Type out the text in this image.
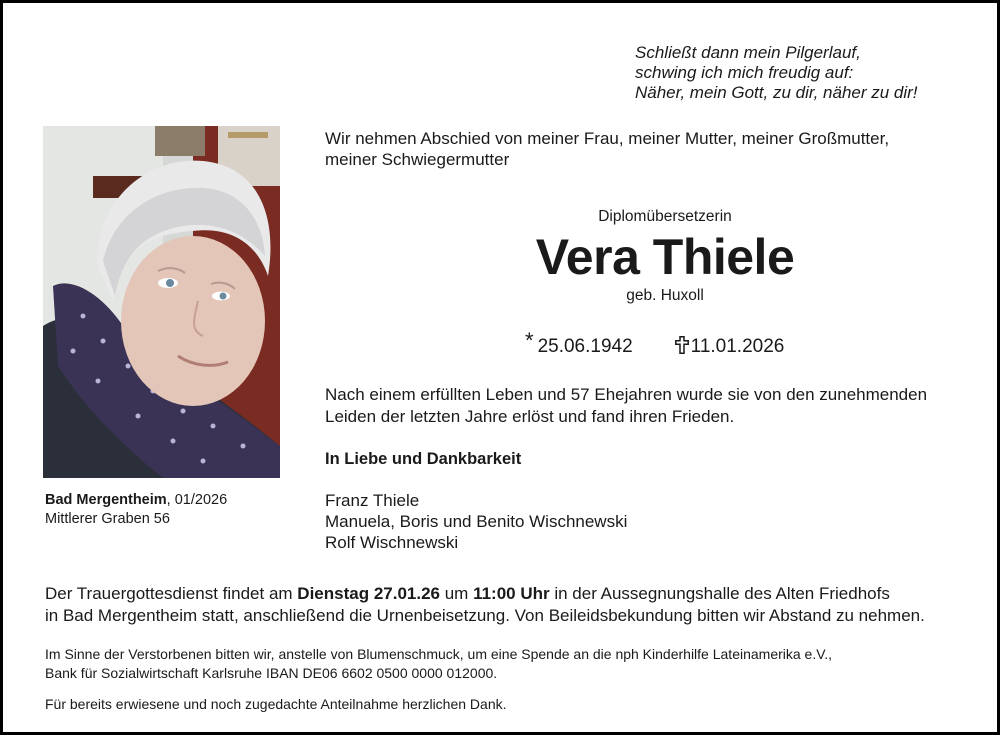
Schließt dann mein Pilgerlauf,
schwing ich mich freudig auf:
Näher, mein Gott, zu dir, näher zu dir!
Bad Mergentheim, 01/2026
Mittlerer Graben 56
Wir nehmen Abschied von meiner Frau, meiner Mutter, meiner Großmutter,
meiner Schwiegermutter
Diplomübersetzerin
Vera Thiele
geb. Huxoll
* 25.06.1942	11.01.2026
Nach einem erfüllten Leben und 57 Ehejahren wurde sie von den zunehmenden
Leiden der letzten Jahre erlöst und fand ihren Frieden.
In Liebe und Dankbarkeit
Franz Thiele
Manuela, Boris und Benito Wischnewski
Rolf Wischnewski
Der Trauergottesdienst findet am Dienstag 27.01.26 um 11:00 Uhr in der Aussegnungshalle des Alten Friedhofs
in Bad Mergentheim statt, anschließend die Urnenbeisetzung. Von Beileidsbekundung bitten wir Abstand zu nehmen.
Im Sinne der Verstorbenen bitten wir, anstelle von Blumenschmuck, um eine Spende an die nph Kinderhilfe Lateinamerika e.V.,
Bank für Sozialwirtschaft Karlsruhe IBAN DE06 6602 0500 0000 012000.
Für bereits erwiesene und noch zugedachte Anteilnahme herzlichen Dank.
